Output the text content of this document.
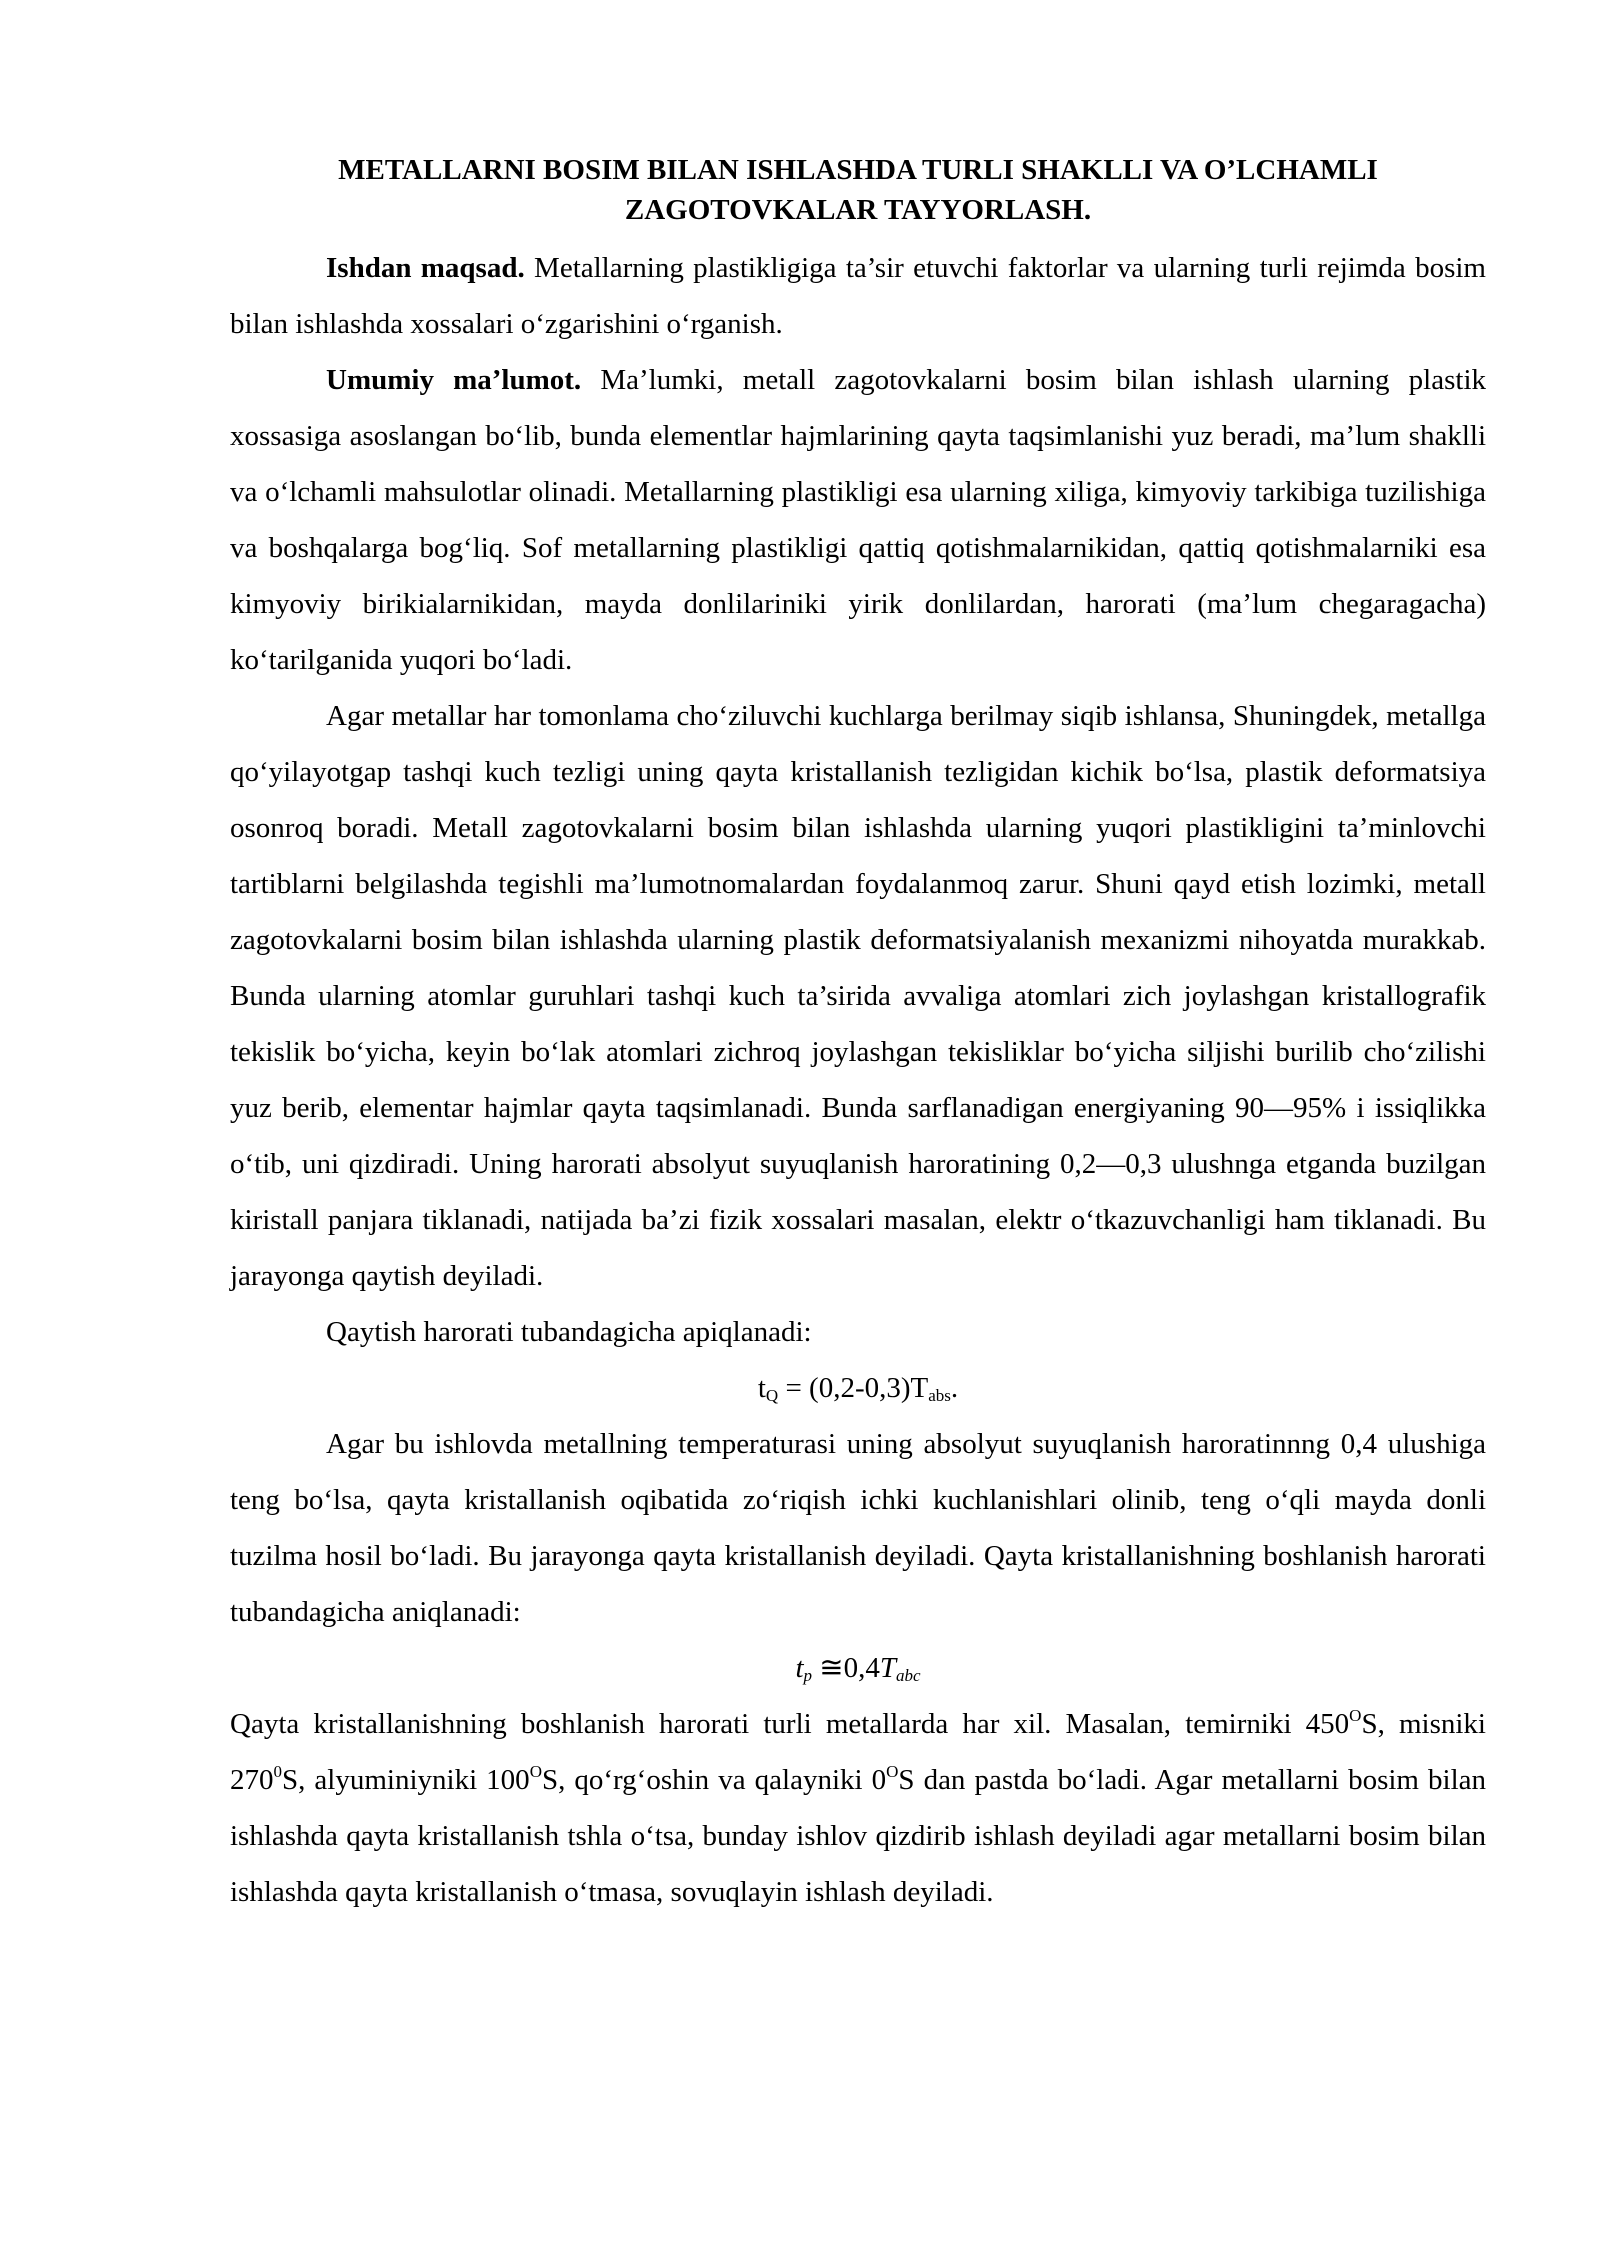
METALLARNI BOSIM BILAN ISHLASHDA TURLI SHAKLLI VA O’LCHAMLI
ZAGOTOVKALAR TAYYORLASH.

Ishdan maqsad. Metallarning plastikligiga ta’sir etuvchi faktorlar va ularning turli rejimda bosim bilan ishlashda xossalari o‘zgarishini o‘rganish.

Umumiy ma’lumot. Ma’lumki, metall zagotovkalarni bosim bilan ishlash ularning plastik xossasiga asoslangan bo‘lib, bunda elementlar hajmlarining qayta taqsimlanishi yuz beradi, ma’lum shaklli va o‘lchamli mahsulotlar olinadi. Metallarning plastikligi esa ularning xiliga, kimyoviy tarkibiga tuzilishiga va boshqalarga bog‘liq. Sof metallarning plastikligi qattiq qotishmalarnikidan, qattiq qotishmalarniki esa kimyoviy birikialarnikidan, mayda donlilariniki yirik donlilardan, harorati (ma’lum chegaragacha) ko‘tarilganida yuqori bo‘ladi.

Agar metallar har tomonlama cho‘ziluvchi kuchlarga berilmay siqib ishlansa, Shuningdek, metallga qo‘yilayotgap tashqi kuch tezligi uning qayta kristallanish tezligidan kichik bo‘lsa, plastik deformatsiya osonroq boradi. Metall zagotovkalarni bosim bilan ishlashda ularning yuqori plastikligini ta’minlovchi tartiblarni belgilashda tegishli ma’lumotnomalardan foydalanmoq zarur. Shuni qayd etish lozimki, metall zagotovkalarni bosim bilan ishlashda ularning plastik deformatsiyalanish mexanizmi nihoyatda murakkab. Bunda ularning atomlar guruhlari tashqi kuch ta’sirida avvaliga atomlari zich joylashgan kristallografik tekislik bo‘yicha, keyin bo‘lak atomlari zichroq joylashgan tekisliklar bo‘yicha siljishi burilib cho‘zilishi yuz berib, elementar hajmlar qayta taqsimlanadi. Bunda sarflanadigan energiyaning 90—95% i issiqlikka o‘tib, uni qizdiradi. Uning harorati absolyut suyuqlanish haroratining 0,2—0,3 ulushnga etganda buzilgan kiristall panjara tiklanadi, natijada ba’zi fizik xossalari masalan, elektr o‘tkazuvchanligi ham tiklanadi. Bu jarayonga qaytish deyiladi.

Qaytish harorati tubandagicha apiqlanadi:

$t_Q = (0,2-0,3)T_{abs}$.

Agar bu ishlovda metallning temperaturasi uning absolyut suyuqlanish haroratinnng 0,4 ulushiga teng bo‘lsa, qayta kristallanish oqibatida zo‘riqish ichki kuchlanishlari olinib, teng o‘qli mayda donli tuzilma hosil bo‘ladi. Bu jarayonga qayta kristallanish deyiladi. Qayta kristallanishning boshlanish harorati tubandagicha aniqlanadi:

$t_p$ $≅0,4T_{abc}$

Qayta kristallanishning boshlanish harorati turli metallarda har xil. Masalan, temirniki $450^OS$, misniki $270^0S$, alyuminiyniki $100^OS$, qo‘rg‘oshin va qalayniki $0^OS$ dan pastda bo‘ladi. Agar metallarni bosim bilan ishlashda qayta kristallanish tshla o‘tsa, bunday ishlov qizdirib ishlash deyiladi agar metallarni bosim bilan ishlashda qayta kristallanish o‘tmasa, sovuqlayin ishlash deyiladi.
